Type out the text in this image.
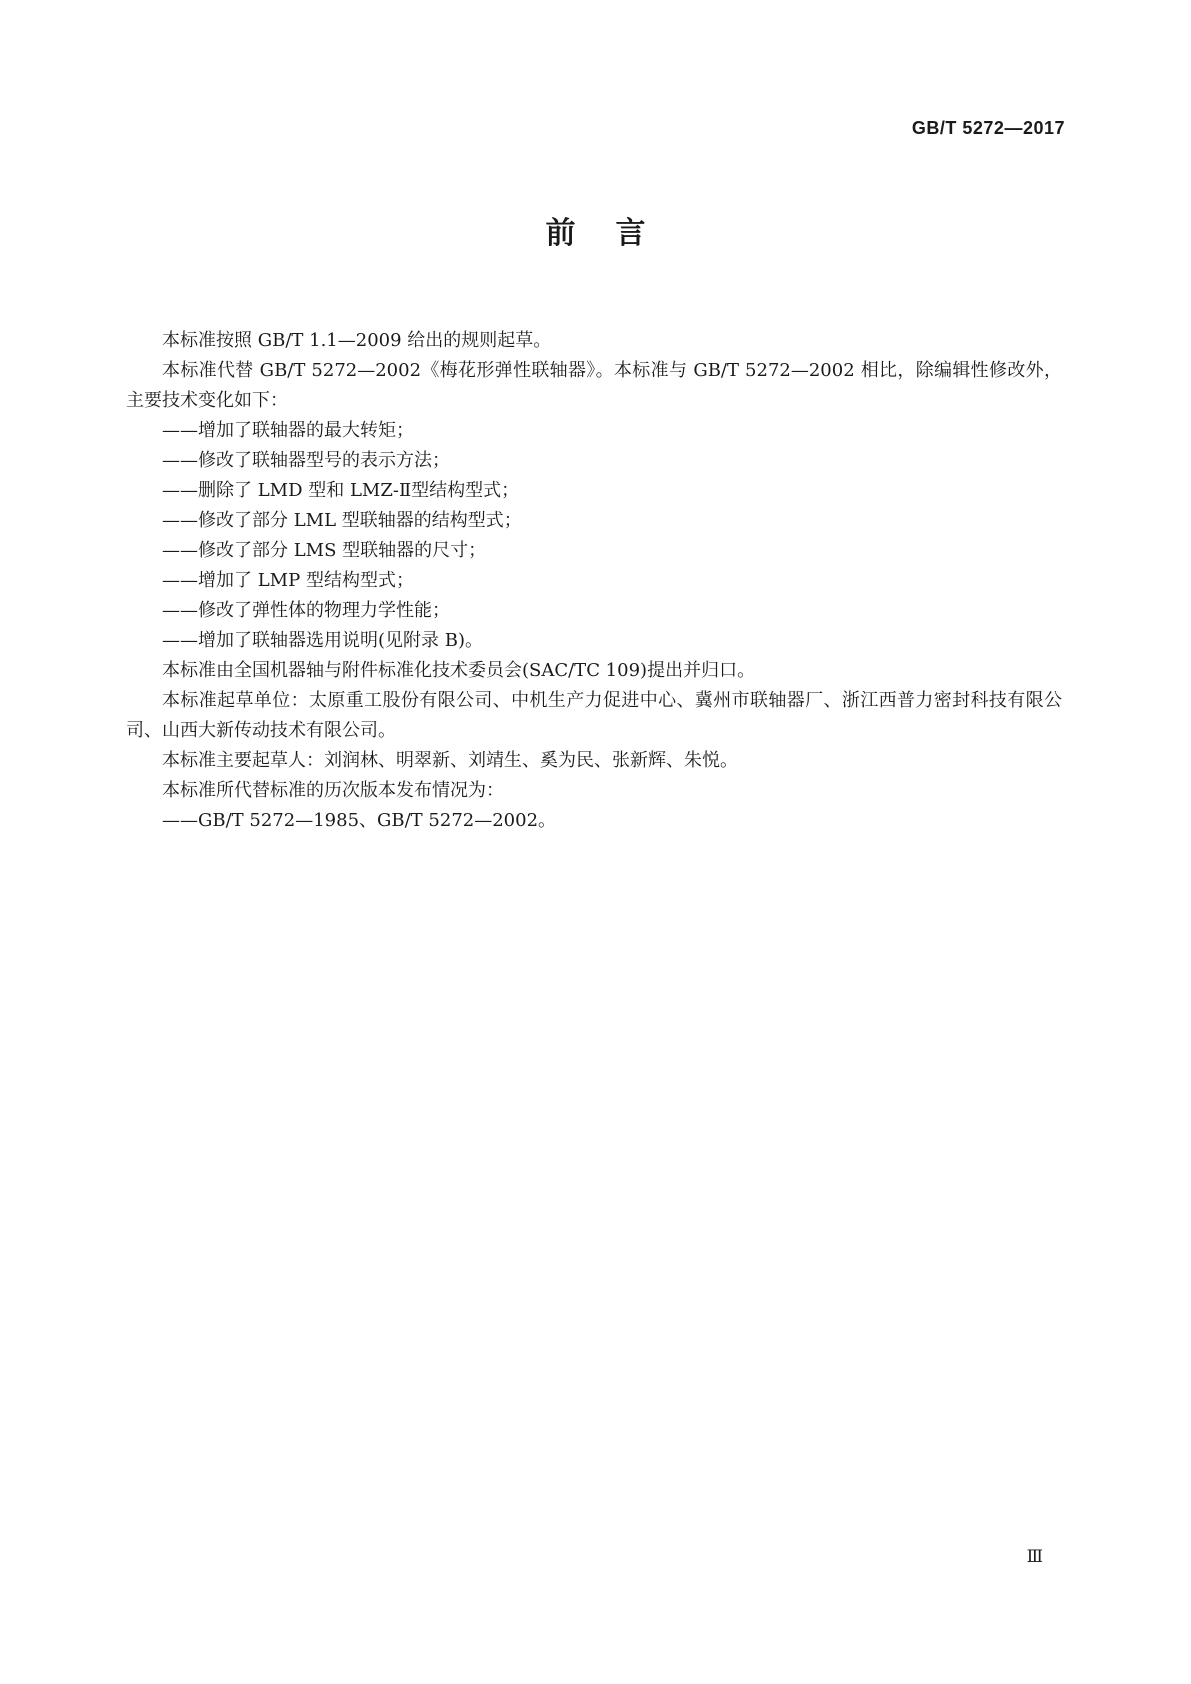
GB/T 5272—2017
前言

本标准按照 GB/T 1.1—2009 给出的规则起草。

本标准代替 GB/T 5272—2002《梅花形弹性联轴器》。本标准与 GB/T 5272—2002 相比，除编辑性修改外，主要技术变化如下：

——增加了联轴器的最大转矩；

——修改了联轴器型号的表示方法；

——删除了 LMD 型和 LMZ-Ⅱ型结构型式；

——修改了部分 LML 型联轴器的结构型式；

——修改了部分 LMS 型联轴器的尺寸；

——增加了 LMP 型结构型式；

——修改了弹性体的物理力学性能；

——增加了联轴器选用说明(见附录 B)。

本标准由全国机器轴与附件标准化技术委员会(SAC/TC 109)提出并归口。

本标准起草单位：太原重工股份有限公司、中机生产力促进中心、冀州市联轴器厂、浙江西普力密封科技有限公司、山西大新传动技术有限公司。

本标准主要起草人：刘润林、明翠新、刘靖生、奚为民、张新辉、朱悦。

本标准所代替标准的历次版本发布情况为：

——GB/T 5272—1985、GB/T 5272—2002。

Ⅲ
